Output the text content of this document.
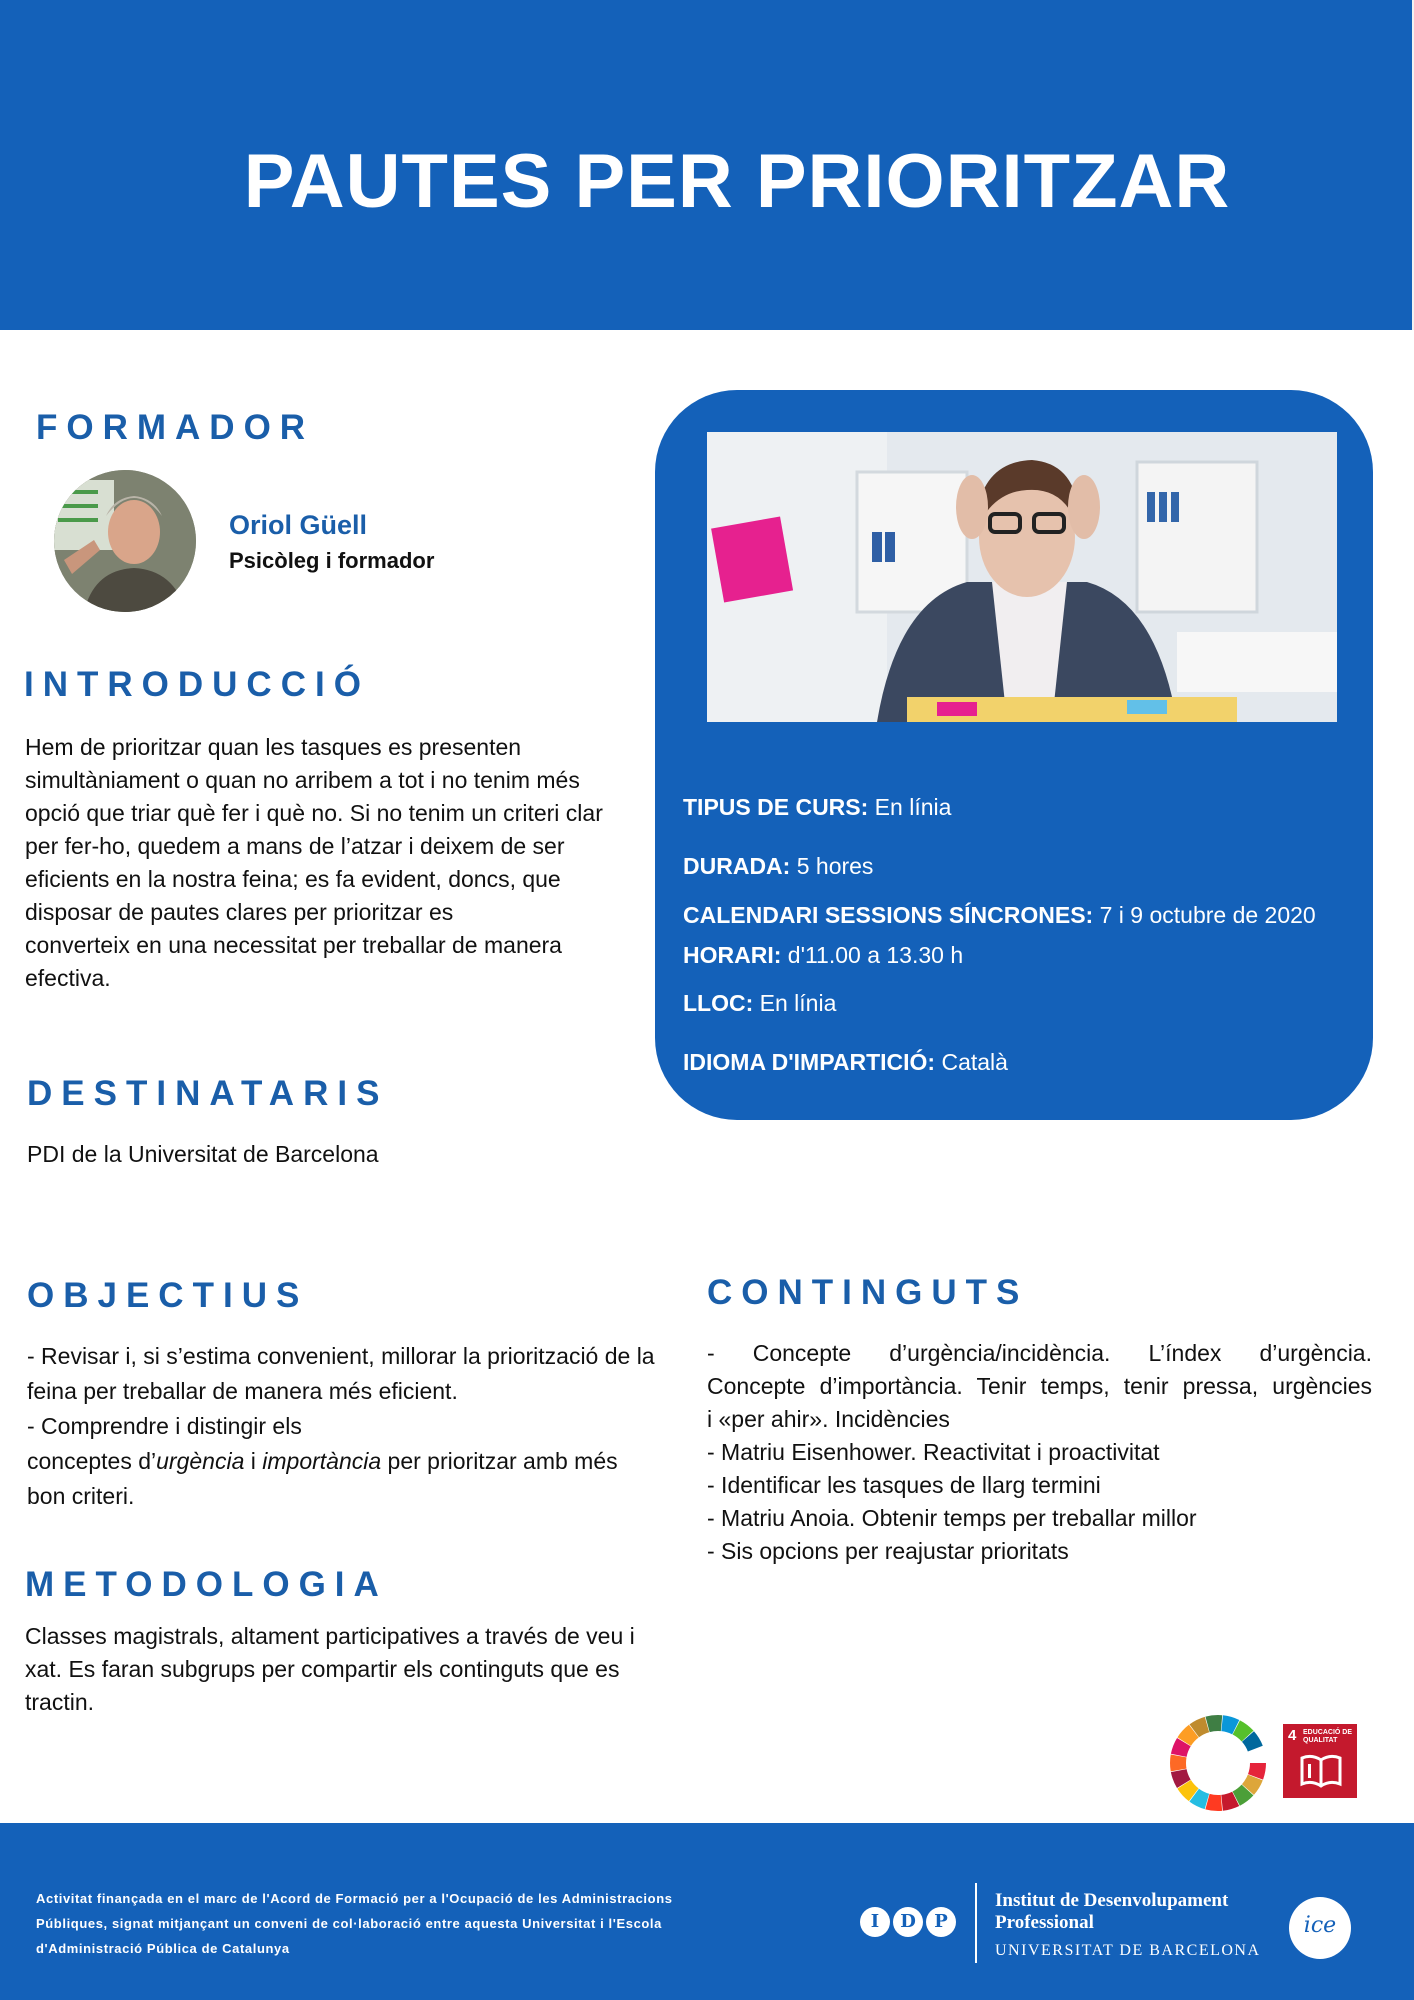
PAUTES PER PRIORITZAR
FORMADOR
Oriol Güell
Psicòleg i formador
INTRODUCCIÓ
Hem de prioritzar quan les tasques es presenten
simultàniament o quan no arribem a tot i no tenim més
opció que triar què fer i què no. Si no tenim un criteri clar
per fer-ho, quedem a mans de l’atzar i deixem de ser
eficients en la nostra feina; es fa evident, doncs, que
disposar de pautes clares per prioritzar es
converteix en una necessitat per treballar de manera
efectiva.
TIPUS DE CURS: En línia
DURADA: 5 hores
CALENDARI SESSIONS SÍNCRONES: 7 i 9 octubre de 2020
HORARI: d'11.00 a 13.30 h
LLOC: En línia
IDIOMA D'IMPARTICIÓ: Català
DESTINATARIS
PDI de la Universitat de Barcelona
OBJECTIUS
- Revisar i, si s’estima convenient, millorar la priorització de la
feina per treballar de manera més eficient.
- Comprendre i distingir els
conceptes d’urgència i importància per prioritzar amb més
bon criteri.
METODOLOGIA
Classes magistrals, altament participatives a través de veu i
xat. Es faran subgrups per compartir els continguts que es
tractin.
CONTINGUTS
- Concepte d’urgència/incidència. L’índex d’urgència.
Concepte d’importància. Tenir temps, tenir pressa, urgències
i «per ahir». Incidències
- Matriu Eisenhower. Reactivitat i proactivitat
- Identificar les tasques de llarg termini
- Matriu Anoia. Obtenir temps per treballar millor
- Sis opcions per reajustar prioritats
4 EDUCACIÓ DE QUALITAT
Activitat finançada en el marc de l'Acord de Formació per a l'Ocupació de les Administracions
Públiques, signat mitjançant un conveni de col·laboració entre aquesta Universitat i l'Escola
d'Administració Pública de Catalunya
I	D	P
Institut de Desenvolupament
Professional
UNIVERSITAT DE BARCELONA
ice
